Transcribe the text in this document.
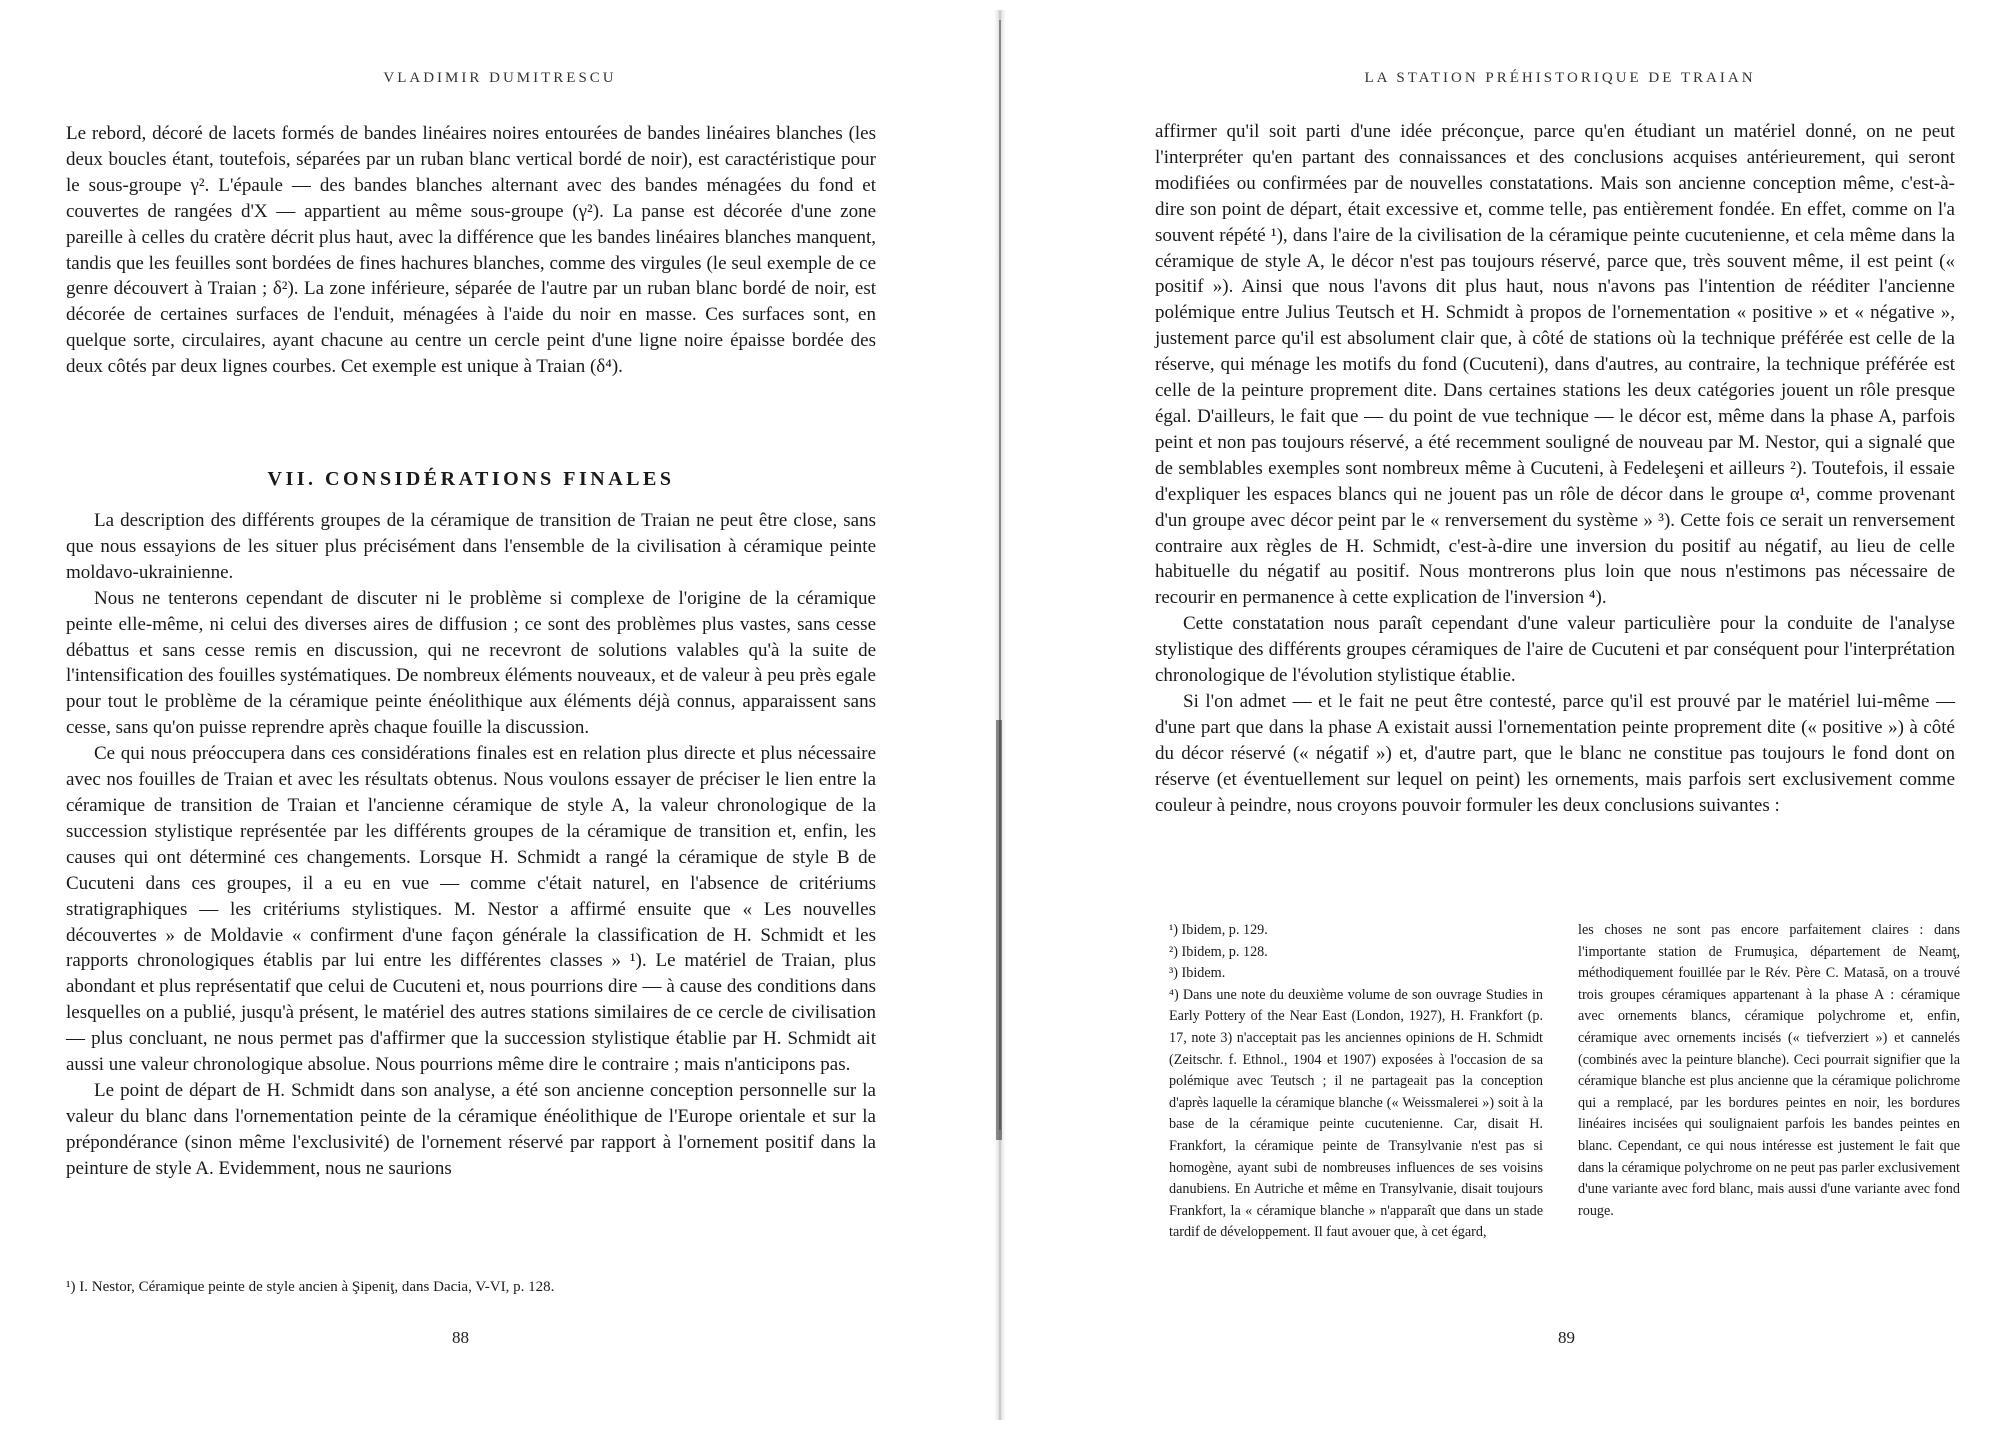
VLADIMIR DUMITRESCU

Le rebord, décoré de lacets formés de bandes linéaires noires entourées de bandes linéaires blanches (les deux boucles étant, toutefois, séparées par un ruban blanc vertical bordé de noir), est caractéristique pour le sous-groupe γ². L'épaule — des bandes blanches alternant avec des bandes ménagées du fond et couvertes de rangées d'X — appartient au même sous-groupe (γ²). La panse est décorée d'une zone pareille à celles du cratère décrit plus haut, avec la différence que les bandes linéaires blanches manquent, tandis que les feuilles sont bordées de fines hachures blanches, comme des virgules (le seul exemple de ce genre découvert à Traian ; δ²). La zone inférieure, séparée de l'autre par un ruban blanc bordé de noir, est décorée de certaines surfaces de l'enduit, ménagées à l'aide du noir en masse. Ces surfaces sont, en quelque sorte, circulaires, ayant chacune au centre un cercle peint d'une ligne noire épaisse bordée des deux côtés par deux lignes courbes. Cet exemple est unique à Traian (δ⁴).

VII. CONSIDÉRATIONS FINALES

La description des différents groupes de la céramique de transition de Traian ne peut être close, sans que nous essayions de les situer plus précisément dans l'ensemble de la civilisation à céramique peinte moldavo-ukrainienne.

Nous ne tenterons cependant de discuter ni le problème si complexe de l'origine de la céramique peinte elle-même, ni celui des diverses aires de diffusion ; ce sont des problèmes plus vastes, sans cesse débattus et sans cesse remis en discussion, qui ne recevront de solutions valables qu'à la suite de l'intensification des fouilles systématiques. De nombreux éléments nouveaux, et de valeur à peu près egale pour tout le problème de la céramique peinte énéolithique aux éléments déjà connus, apparaissent sans cesse, sans qu'on puisse reprendre après chaque fouille la discussion.

Ce qui nous préoccupera dans ces considérations finales est en relation plus directe et plus nécessaire avec nos fouilles de Traian et avec les résultats obtenus. Nous voulons essayer de préciser le lien entre la céramique de transition de Traian et l'ancienne céramique de style A, la valeur chronologique de la succession stylistique représentée par les différents groupes de la céramique de transition et, enfin, les causes qui ont déterminé ces changements. Lorsque H. Schmidt a rangé la céramique de style B de Cucuteni dans ces groupes, il a eu en vue — comme c'était naturel, en l'absence de critériums stratigraphiques — les critériums stylistiques. M. Nestor a affirmé ensuite que « Les nouvelles découvertes » de Moldavie « confirment d'une façon générale la classification de H. Schmidt et les rapports chronologiques établis par lui entre les différentes classes » ¹). Le matériel de Traian, plus abondant et plus représentatif que celui de Cucuteni et, nous pourrions dire — à cause des conditions dans lesquelles on a publié, jusqu'à présent, le matériel des autres stations similaires de ce cercle de civilisation — plus concluant, ne nous permet pas d'affirmer que la succession stylistique établie par H. Schmidt ait aussi une valeur chronologique absolue. Nous pourrions même dire le contraire ; mais n'anticipons pas.

Le point de départ de H. Schmidt dans son analyse, a été son ancienne conception personnelle sur la valeur du blanc dans l'ornementation peinte de la céramique énéolithique de l'Europe orientale et sur la prépondérance (sinon même l'exclusivité) de l'ornement réservé par rapport à l'ornement positif dans la peinture de style A. Evidemment, nous ne saurions

¹) I. Nestor, Céramique peinte de style ancien à Şipeniţ, dans Dacia, V-VI, p. 128.
88
LA STATION PRÉHISTORIQUE DE TRAIAN

affirmer qu'il soit parti d'une idée préconçue, parce qu'en étudiant un matériel donné, on ne peut l'interpréter qu'en partant des connaissances et des conclusions acquises antérieurement, qui seront modifiées ou confirmées par de nouvelles constatations. Mais son ancienne conception même, c'est-à-dire son point de départ, était excessive et, comme telle, pas entièrement fondée. En effet, comme on l'a souvent répété ¹), dans l'aire de la civilisation de la céramique peinte cucutenienne, et cela même dans la céramique de style A, le décor n'est pas toujours réservé, parce que, très souvent même, il est peint (« positif »). Ainsi que nous l'avons dit plus haut, nous n'avons pas l'intention de rééditer l'ancienne polémique entre Julius Teutsch et H. Schmidt à propos de l'ornementation « positive » et « négative », justement parce qu'il est absolument clair que, à côté de stations où la technique préférée est celle de la réserve, qui ménage les motifs du fond (Cucuteni), dans d'autres, au contraire, la technique préférée est celle de la peinture proprement dite. Dans certaines stations les deux catégories jouent un rôle presque égal. D'ailleurs, le fait que — du point de vue technique — le décor est, même dans la phase A, parfois peint et non pas toujours réservé, a été recemment souligné de nouveau par M. Nestor, qui a signalé que de semblables exemples sont nombreux même à Cucuteni, à Fedeleşeni et ailleurs ²). Toutefois, il essaie d'expliquer les espaces blancs qui ne jouent pas un rôle de décor dans le groupe α¹, comme provenant d'un groupe avec décor peint par le « renversement du système » ³). Cette fois ce serait un renversement contraire aux règles de H. Schmidt, c'est-à-dire une inversion du positif au négatif, au lieu de celle habituelle du négatif au positif. Nous montrerons plus loin que nous n'estimons pas nécessaire de recourir en permanence à cette explication de l'inversion ⁴).

Cette constatation nous paraît cependant d'une valeur particulière pour la conduite de l'analyse stylistique des différents groupes céramiques de l'aire de Cucuteni et par conséquent pour l'interprétation chronologique de l'évolution stylistique établie.

Si l'on admet — et le fait ne peut être contesté, parce qu'il est prouvé par le matériel lui-même — d'une part que dans la phase A existait aussi l'ornementation peinte proprement dite (« positive ») à côté du décor réservé (« négatif ») et, d'autre part, que le blanc ne constitue pas toujours le fond dont on réserve (et éventuellement sur lequel on peint) les ornements, mais parfois sert exclusivement comme couleur à peindre, nous croyons pouvoir formuler les deux conclusions suivantes :

¹) Ibidem, p. 129.

²) Ibidem, p. 128.

³) Ibidem.

⁴) Dans une note du deuxième volume de son ouvrage Studies in Early Pottery of the Near East (London, 1927), H. Frankfort (p. 17, note 3) n'acceptait pas les anciennes opinions de H. Schmidt (Zeitschr. f. Ethnol., 1904 et 1907) exposées à l'occasion de sa polémique avec Teutsch ; il ne partageait pas la conception d'après laquelle la céramique blanche (« Weissmalerei ») soit à la base de la céramique peinte cucutenienne. Car, disait H. Frankfort, la céramique peinte de Transylvanie n'est pas si homogène, ayant subi de nombreuses influences de ses voisins danubiens. En Autriche et même en Transylvanie, disait toujours Frankfort, la « céramique blanche » n'apparaît que dans un stade tardif de développement. Il faut avouer que, à cet égard,

les choses ne sont pas encore parfaitement claires : dans l'importante station de Frumuşica, département de Neamţ, méthodiquement fouillée par le Rév. Père C. Matasă, on a trouvé trois groupes céramiques appartenant à la phase A : céramique avec ornements blancs, céramique polychrome et, enfin, céramique avec ornements incisés (« tiefverziert ») et cannelés (combinés avec la peinture blanche). Ceci pourrait signifier que la céramique blanche est plus ancienne que la céramique polichrome qui a remplacé, par les bordures peintes en noir, les bordures linéaires incisées qui soulignaient parfois les bandes peintes en blanc. Cependant, ce qui nous intéresse est justement le fait que dans la céramique polychrome on ne peut pas parler exclusivement d'une variante avec ford blanc, mais aussi d'une variante avec fond rouge.

89
